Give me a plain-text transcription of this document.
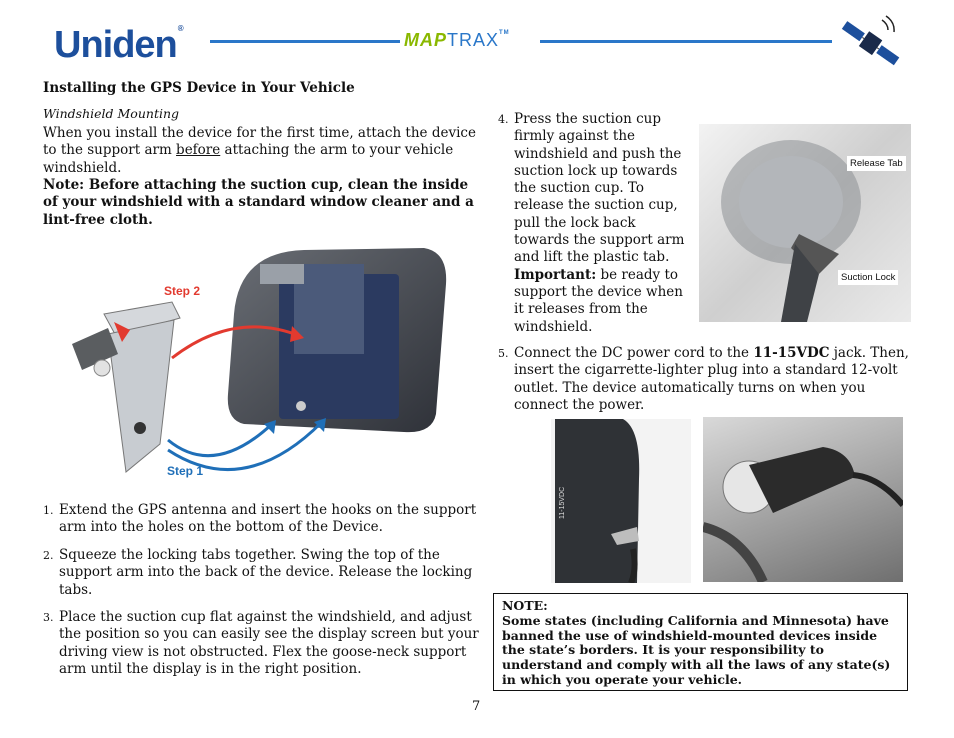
Uniden®
MAPTRAX™
Installing the GPS Device in Your Vehicle
Windshield Mounting
When you install the device for the first time, attach the device to the support arm before attaching the arm to your vehicle windshield.
Note: Before attaching the suction cup, clean the inside of your windshield with a standard window cleaner and a lint-free cloth.
Step 2
Step 1
1. Extend the GPS antenna and insert the hooks on the support arm into the holes on the bottom of the Device.
2. Squeeze the locking tabs together. Swing the top of the support arm into the back of the device. Release the locking tabs.
3. Place the suction cup flat against the windshield, and adjust the position so you can easily see the display screen but your driving view is not obstructed. Flex the goose-neck support arm until the display is in the right position.
4. Press the suction cup firmly against the windshield and push the suction lock up towards the suction cup. To release the suction cup, pull the lock back towards the support arm and lift the plastic tab. Important: be ready to support the device when it releases from the windshield.
5. Connect the DC power cord to the 11-15VDC jack. Then, insert the cigarrette-lighter plug into a standard 12-volt outlet. The device automatically turns on when you connect the power.
Release Tab
Suction Lock
11-15VDC
NOTE:
Some states (including California and Minnesota) have banned the use of windshield-mounted devices inside the state’s borders. It is your responsibility to understand and comply with all the laws of any state(s) in which you operate your vehicle.
7
